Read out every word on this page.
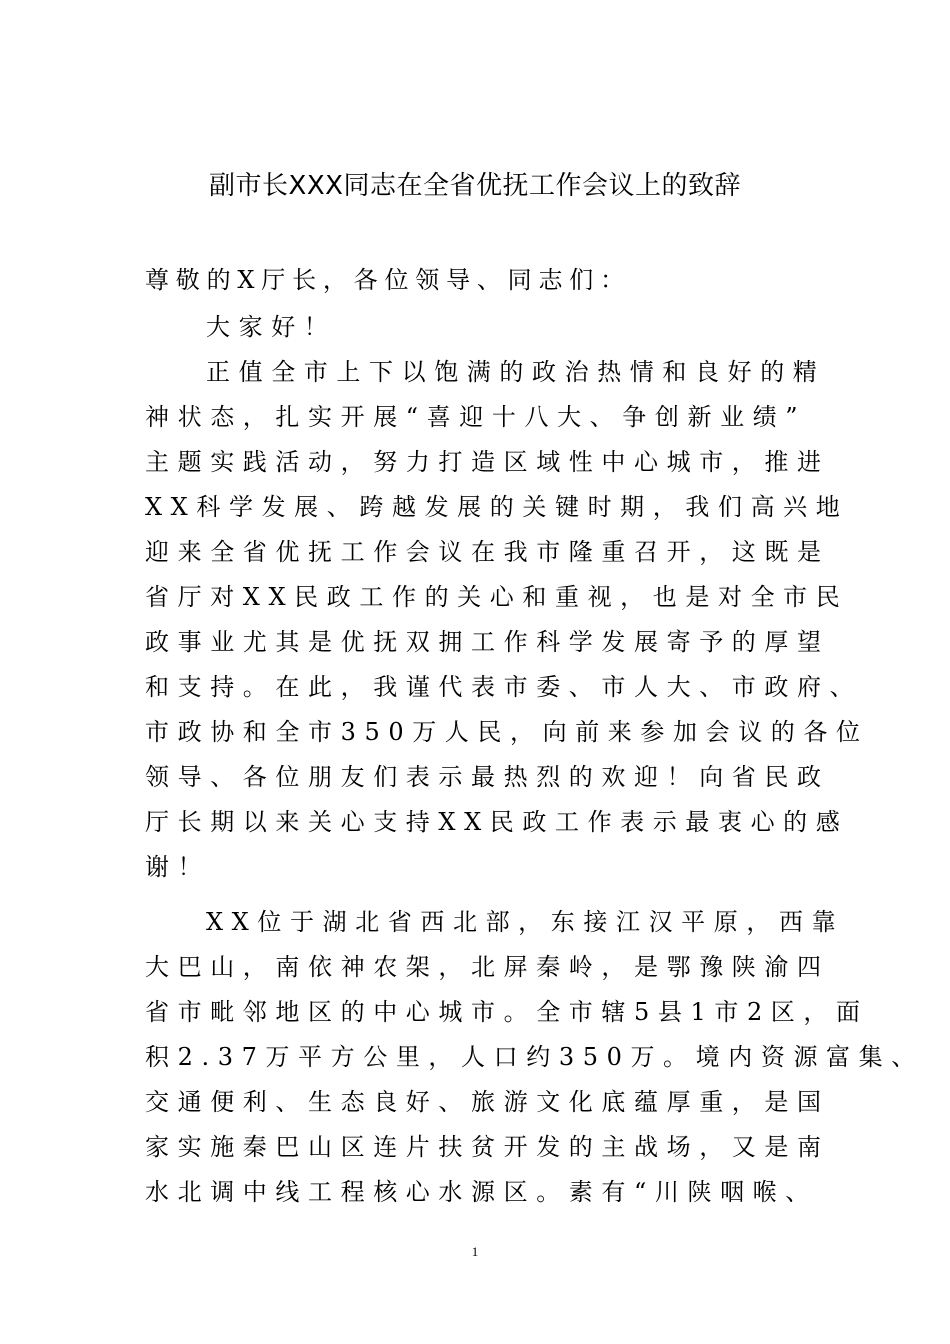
副市长XXX同志在全省优抚工作会议上的致辞
尊敬的X厅长，各位领导、同志们：
大家好！
正值全市上下以饱满的政治热情和良好的精
神状态，扎实开展“喜迎十八大、争创新业绩”
主题实践活动，努力打造区域性中心城市，推进
XX科学发展、跨越发展的关键时期，我们高兴地
迎来全省优抚工作会议在我市隆重召开，这既是
省厅对XX民政工作的关心和重视，也是对全市民
政事业尤其是优抚双拥工作科学发展寄予的厚望
和支持。在此，我谨代表市委、市人大、市政府、
市政协和全市350万人民，向前来参加会议的各位
领导、各位朋友们表示最热烈的欢迎！向省民政
厅长期以来关心支持XX民政工作表示最衷心的感
谢！
XX位于湖北省西北部，东接江汉平原，西靠
大巴山，南依神农架，北屏秦岭，是鄂豫陕渝四
省市毗邻地区的中心城市。全市辖5县1市2区，面
积2.37万平方公里，人口约350万。境内资源富集、
交通便利、生态良好、旅游文化底蕴厚重，是国
家实施秦巴山区连片扶贫开发的主战场，又是南
水北调中线工程核心水源区。素有“川陕咽喉、
1
